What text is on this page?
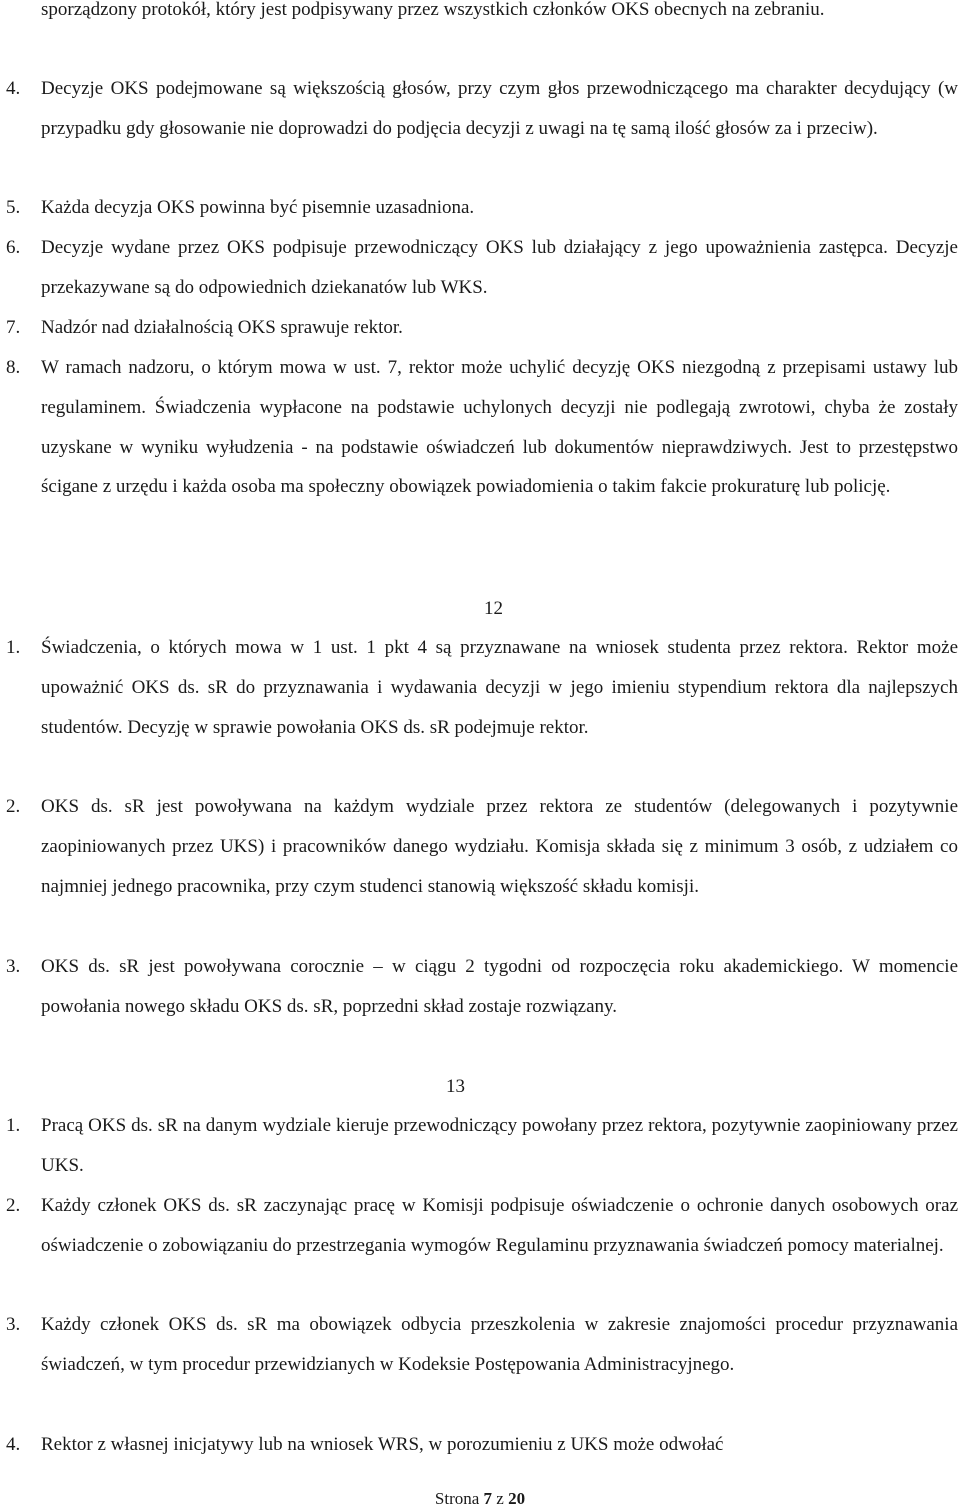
sporządzony protokół, który jest podpisywany przez wszystkich członków OKS obecnych na zebraniu.
4.	Decyzje OKS podejmowane są większością głosów, przy czym głos przewodniczącego ma charakter decydujący (w przypadku gdy głosowanie nie doprowadzi do podjęcia decyzji z uwagi na tę samą ilość głosów za i przeciw).
5.	Każda decyzja OKS powinna być pisemnie uzasadniona.
6.	Decyzje wydane przez OKS podpisuje przewodniczący OKS lub działający z jego upoważnienia zastępca. Decyzje przekazywane są do odpowiednich dziekanatów lub WKS.
7.	Nadzór nad działalnością OKS sprawuje rektor.
8.	W ramach nadzoru, o którym mowa w ust. 7, rektor może uchylić decyzję OKS niezgodną z przepisami ustawy lub regulaminem. Świadczenia wypłacone na podstawie uchylonych decyzji nie podlegają zwrotowi, chyba że zostały uzyskane w wyniku wyłudzenia - na podstawie oświadczeń lub dokumentów nieprawdziwych. Jest to przestępstwo ścigane z urzędu i każda osoba ma społeczny obowiązek powiadomienia o takim fakcie prokuraturę lub policję.
12
1.	Świadczenia, o których mowa w 1 ust. 1 pkt 4 są przyznawane na wniosek studenta przez rektora. Rektor może upoważnić OKS ds. sR do przyznawania i wydawania decyzji w jego imieniu stypendium rektora dla najlepszych studentów. Decyzję w sprawie powołania OKS ds. sR podejmuje rektor.
2.	OKS ds. sR jest powoływana na każdym wydziale przez rektora ze studentów (delegowanych i pozytywnie zaopiniowanych przez UKS) i pracowników danego wydziału. Komisja składa się z minimum 3 osób, z udziałem co najmniej jednego pracownika, przy czym studenci stanowią większość składu komisji.
3.	OKS ds. sR jest powoływana corocznie – w ciągu 2 tygodni od rozpoczęcia roku akademickiego. W momencie powołania nowego składu OKS ds. sR, poprzedni skład zostaje rozwiązany.
13
1.	Pracą OKS ds. sR na danym wydziale kieruje przewodniczący powołany przez rektora, pozytywnie zaopiniowany przez UKS.
2.	Każdy członek OKS ds. sR zaczynając pracę w Komisji podpisuje oświadczenie o ochronie danych osobowych oraz oświadczenie o zobowiązaniu do przestrzegania wymogów Regulaminu przyznawania świadczeń pomocy materialnej.
3.	Każdy członek OKS ds. sR ma obowiązek odbycia przeszkolenia w zakresie znajomości procedur przyznawania świadczeń, w tym procedur przewidzianych w Kodeksie Postępowania Administracyjnego.
4.	Rektor z własnej inicjatywy lub na wniosek WRS, w porozumieniu z UKS może odwołać
Strona 7 z 20
